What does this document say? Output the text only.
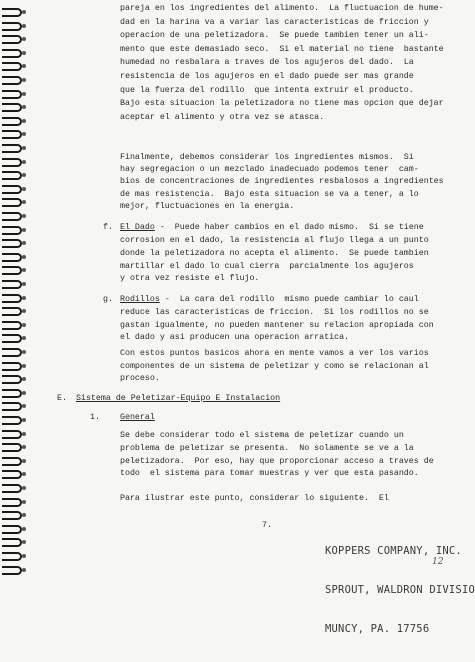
pareja en los ingredientes del alimento.  La fluctuacion de hume-

dad en la harina va a variar las caracteristicas de friccion y

operacion de una peletizadora.  Se puede tambien tener un ali-

mento que este demasiado seco.  Si el material no tiene  bastante

humedad no resbalara a traves de los agujeros del dado.  La

resistencia de los agujeros en el dado puede ser mas grande

que la fuerza del rodillo  que intenta extruir el producto.

Bajo esta situacion la peletizadora no tiene mas opcion que dejar

aceptar el alimento y otra vez se atasca.

Finalmente, debemos considerar los ingredientes mismos.  Si

hay segregacion o un mezclado inadecuado podemos tener  cam-

bios de concentraciones de ingredientes resbalosos a ingredientes

de mas resistencia.  Bajo esta situacion se va a tener, a lo

mejor, fluctuaciones en la energia.

f. El Dado -  Puede haber cambios en el dado mismo.  Si se tiene

corrosion en el dado, la resistencia al flujo llega a un punto

donde la peletizadora no acepta el alimento.  Se puede tambien

martillar el dado lo cual cierra  parcialmente los agujeros

y otra vez resiste el flujo.

g. Rodillos -  La cara del rodillo  mismo puede cambiar lo caul

reduce las caracteristicas de friccion.  Si los rodillos no se

gastan igualmente, no pueden mantener su relacion apropiada con

el dado y asi producen una operacion arratica.

Con estos puntos basicos ahora en mente vamos a ver los varios

componentes de un sistema de peletizar y como se relacionan al

proceso.

E. Sistema de Peletizar-Equipo E Instalacion

1. General

Se debe considerar todo el sistema de peletizar cuando un

problema de peletizar se presenta.  No solamente se ve a la

peletizadora.  Por eso, hay que proporcionar acceso a traves de

todo  el sistema para tomar muestras y ver que esta pasando.

Para ilustrar este punto, considerar lo siguiente.  El

7.

KOPPERS COMPANY, INC.

SPROUT, WALDRON DIVISIO

MUNCY, PA. 17756

12
